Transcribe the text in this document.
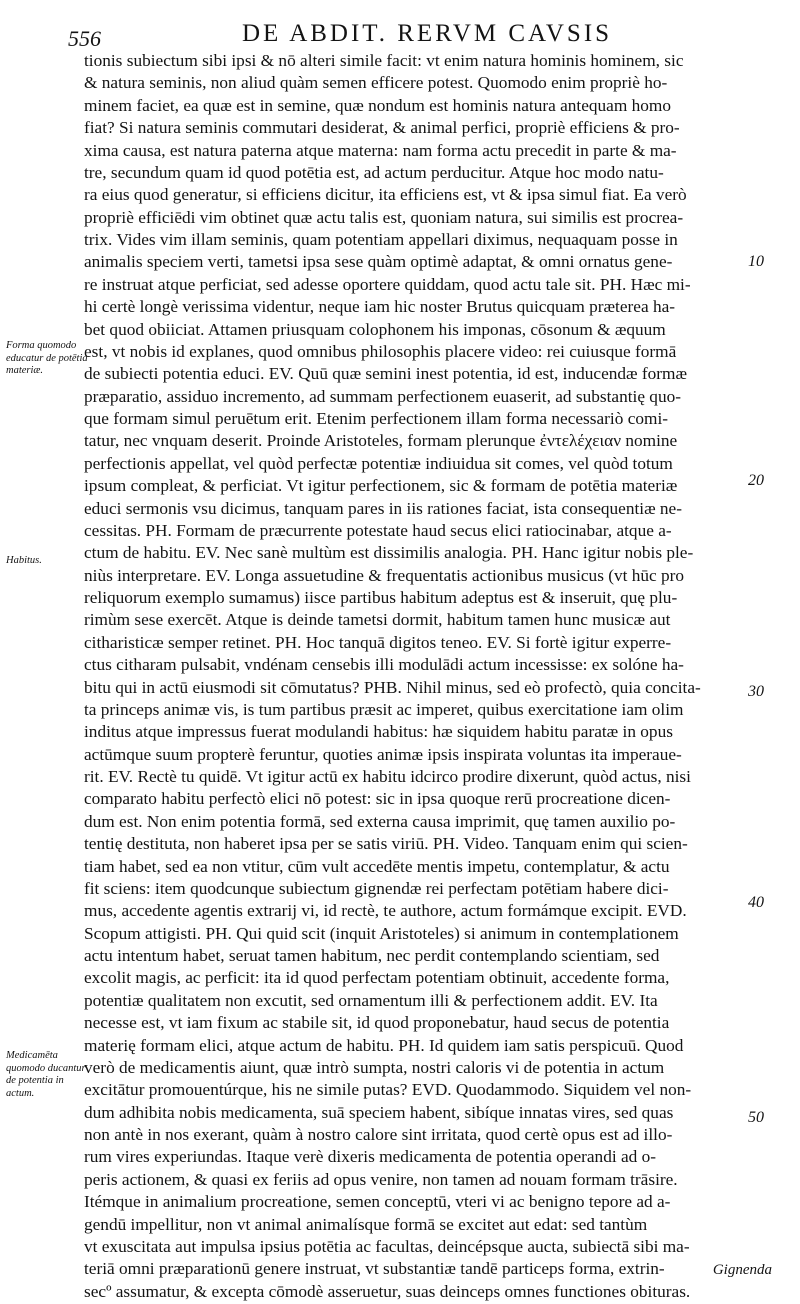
556	DE ABDIT. RERVM CAVSIS
tionis subiectum sibi ipsi & nō alteri simile facit: vt enim natura hominis hominem, sic
& natura seminis, non aliud quàm semen efficere potest. Quomodo enim propriè ho-
minem faciet, ea quæ est in semine, quæ nondum est hominis natura antequam homo
fiat? Si natura seminis commutari desiderat, & animal perfici, propriè efficiens & pro-
xima causa, est natura paterna atque materna: nam forma actu precedit in parte & ma-
tre, secundum quam id quod potētia est, ad actum perducitur. Atque hoc modo natu-
ra eius quod generatur, si efficiens dicitur, ita efficiens est, vt & ipsa simul fiat. Ea verò
propriè efficiēdi vim obtinet quæ actu talis est, quoniam natura, sui similis est procrea-
trix. Vides vim illam seminis, quam potentiam appellari diximus, nequaquam posse in
animalis speciem verti, tametsi ipsa sese quàm optimè adaptat, & omni ornatus gene-
re instruat atque perficiat, sed adesse oportere quiddam, quod actu tale sit. PH. Hæc mi-
hi certè longè verissima videntur, neque iam hic noster Brutus quicquam præterea ha-
bet quod obiiciat. Attamen priusquam colophonem his imponas, cōsonum & æquum
est, vt nobis id explanes, quod omnibus philosophis placere video: rei cuiusque formā
de subiecti potentia educi. EV. Quū quæ semini inest potentia, id est, inducendæ formæ
præparatio, assiduo incremento, ad summam perfectionem euaserit, ad substantię quo-
que formam simul peruētum erit. Etenim perfectionem illam forma necessariò comi-
tatur, nec vnquam deserit. Proinde Aristoteles, formam plerunque ἐντελέχειαν nomine
perfectionis appellat, vel quòd perfectæ potentiæ indiuidua sit comes, vel quòd totum
ipsum compleat, & perficiat. Vt igitur perfectionem, sic & formam de potētia materiæ
educi sermonis vsu dicimus, tanquam pares in iis rationes faciat, ista consequentiæ ne-
cessitas. PH. Formam de præcurrente potestate haud secus elici ratiocinabar, atque a-
ctum de habitu. EV. Nec sanè multùm est dissimilis analogia. PH. Hanc igitur nobis ple-
niùs interpretare. EV. Longa assuetudine & frequentatis actionibus musicus (vt hūc pro
reliquorum exemplo sumamus) iisce partibus habitum adeptus est & inseruit, quę plu-
rimùm sese exercēt. Atque is deinde tametsi dormit, habitum tamen hunc musicæ aut
citharisticæ semper retinet. PH. Hoc tanquā digitos teneo. EV. Si fortè igitur experre-
ctus citharam pulsabit, vndénam censebis illi modulādi actum incessisse: ex solóne ha-
bitu qui in actū eiusmodi sit cōmutatus? PHB. Nihil minus, sed eò profectò, quia concita-
ta princeps animæ vis, is tum partibus præsit ac imperet, quibus exercitatione iam olim
inditus atque impressus fuerat modulandi habitus: hæ siquidem habitu paratæ in opus
actūmque suum propterè feruntur, quoties animæ ipsis inspirata voluntas ita imperaue-
rit. EV. Rectè tu quidē. Vt igitur actū ex habitu idcirco prodire dixerunt, quòd actus, nisi
comparato habitu perfectò elici nō potest: sic in ipsa quoque rerū procreatione dicen-
dum est. Non enim potentia formā, sed externa causa imprimit, quę tamen auxilio po-
tentię destituta, non haberet ipsa per se satis viriū. PH. Video. Tanquam enim qui scien-
tiam habet, sed ea non vtitur, cūm vult accedēte mentis impetu, contemplatur, & actu
fit sciens: item quodcunque subiectum gignendæ rei perfectam potētiam habere dici-
mus, accedente agentis extrarij vi, id rectè, te authore, actum formámque excipit. EVD.
Scopum attigisti. PH. Qui quid scit (inquit Aristoteles) si animum in contemplationem
actu intentum habet, seruat tamen habitum, nec perdit contemplando scientiam, sed
excolit magis, ac perficit: ita id quod perfectam potentiam obtinuit, accedente forma,
potentiæ qualitatem non excutit, sed ornamentum illi & perfectionem addit. EV. Ita
necesse est, vt iam fixum ac stabile sit, id quod proponebatur, haud secus de potentia
materię formam elici, atque actum de habitu. PH. Id quidem iam satis perspicuū. Quod
verò de medicamentis aiunt, quæ intrò sumpta, nostri caloris vi de potentia in actum
excitātur promouentúrque, his ne simile putas? EVD. Quodammodo. Siquidem vel non-
dum adhibita nobis medicamenta, suā speciem habent, sibíque innatas vires, sed quas
non antè in nos exerant, quàm à nostro calore sint irritata, quod certè opus est ad illo-
rum vires experiundas. Itaque verè dixeris medicamenta de potentia operandi ad o-
peris actionem, & quasi ex feriis ad opus venire, non tamen ad nouam formam trāsire.
Itémque in animalium procreatione, semen conceptū, vteri vi ac benigno tepore ad a-
gendū impellitur, non vt animal animalísque formā se excitet aut edat: sed tantùm
vt exuscitata aut impulsa ipsius potētia ac facultas, deincépsque aucta, subiectā sibi ma-
teriā omni præparationū genere instruat, vt substantiæ tandē particeps forma, extrin-
secº assumatur, & excepta cōmodè asseruetur, suas deinceps omnes functiones obituras.
Forma quomodo educatur de potētia materiæ.
Habitus.
Medicamēta quomodo ducantur de potentia in actum.
10
20
30
40
50
Gignenda
